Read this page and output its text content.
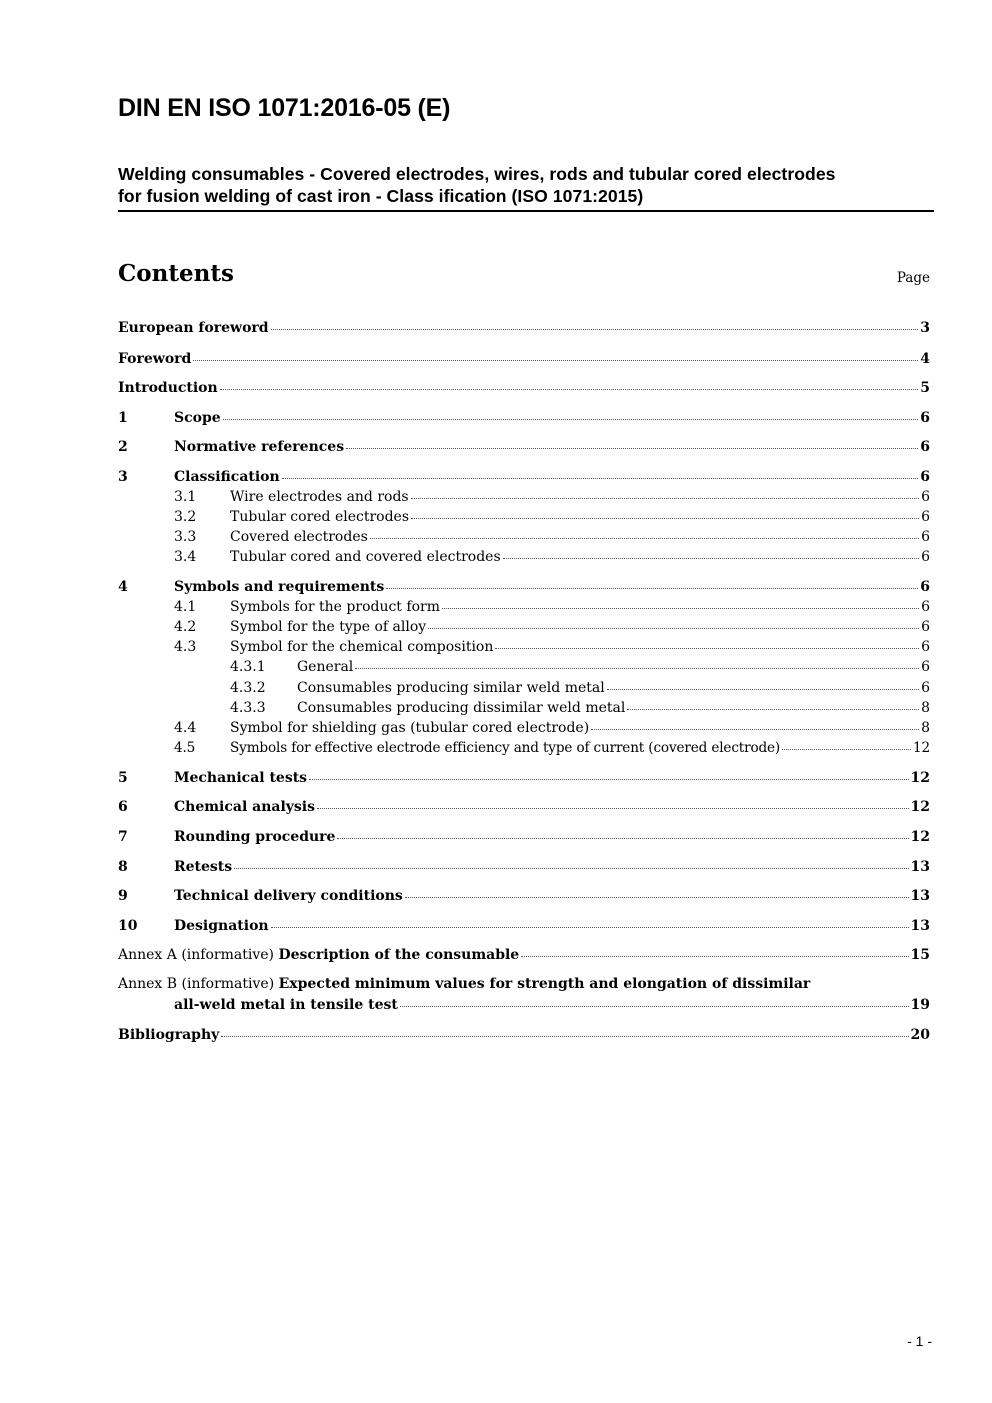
DIN EN ISO 1071:2016-05 (E)
Welding consumables - Covered electrodes, wires, rods and tubular cored electrodes
for fusion welding of cast iron - Class ification (ISO 1071:2015)
Contents	Page
European foreword	3
Foreword	4
Introduction	5
1	Scope	6
2	Normative references	6
3	Classification	6
3.1	Wire electrodes and rods	6
3.2	Tubular cored electrodes	6
3.3	Covered electrodes	6
3.4	Tubular cored and covered electrodes	6
4	Symbols and requirements	6
4.1	Symbols for the product form	6
4.2	Symbol for the type of alloy	6
4.3	Symbol for the chemical composition	6
4.3.1	General	6
4.3.2	Consumables producing similar weld metal	6
4.3.3	Consumables producing dissimilar weld metal	8
4.4	Symbol for shielding gas (tubular cored electrode)	8
4.5	Symbols for effective electrode efficiency and type of current (covered electrode)	12
5	Mechanical tests	12
6	Chemical analysis	12
7	Rounding procedure	12
8	Retests	13
9	Technical delivery conditions	13
10	Designation	13
Annex A (informative) Description of the consumable	15
Annex B (informative) Expected minimum values for strength and elongation of dissimilar
all-weld metal in tensile test	19
Bibliography	20
- 1 -
